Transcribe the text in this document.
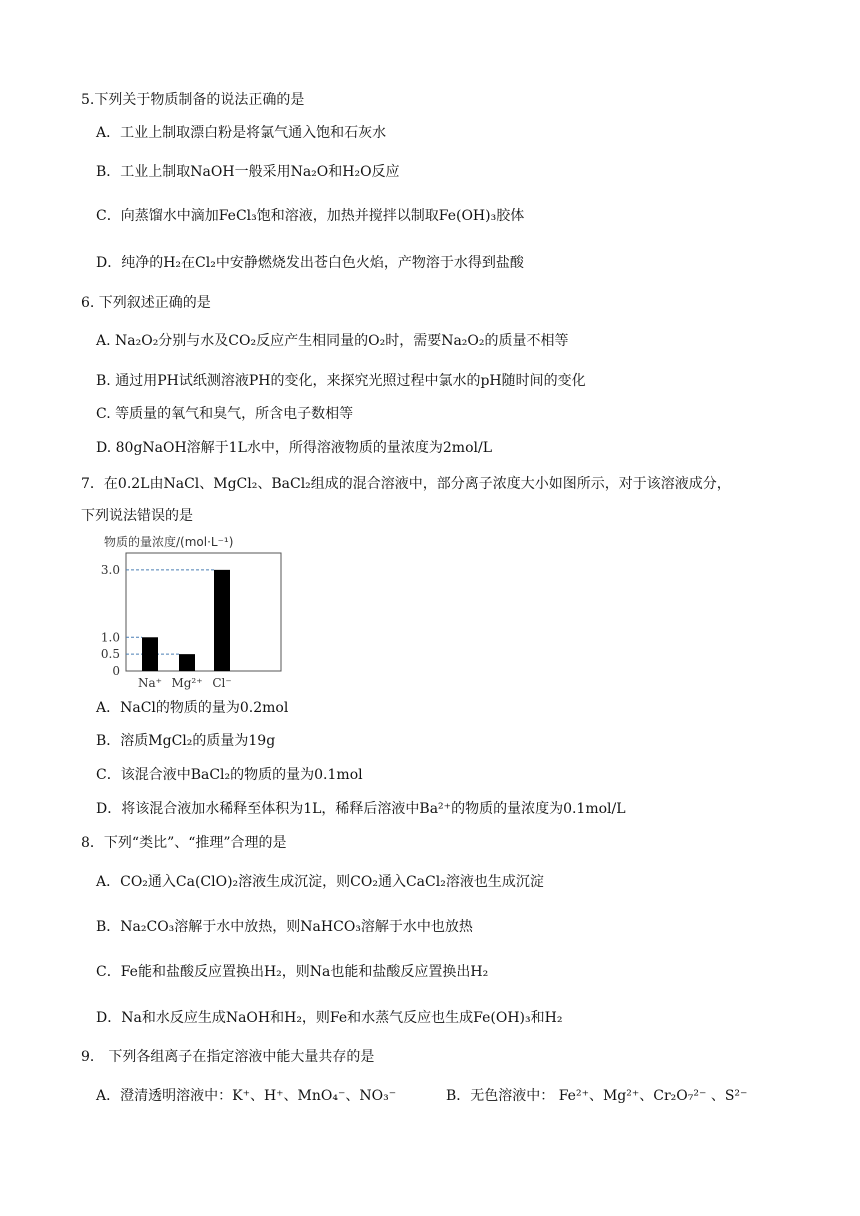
5.下列关于物质制备的说法正确的是
A．工业上制取漂白粉是将氯气通入饱和石灰水
B．工业上制取NaOH一般采用Na₂O和H₂O反应
C．向蒸馏水中滴加FeCl₃饱和溶液，加热并搅拌以制取Fe(OH)₃胶体
D．纯净的H₂在Cl₂中安静燃烧发出苍白色火焰，产物溶于水得到盐酸
6. 下列叙述正确的是
A. Na₂O₂分别与水及CO₂反应产生相同量的O₂时，需要Na₂O₂的质量不相等
B. 通过用PH试纸测溶液PH的变化，来探究光照过程中氯水的pH随时间的变化
C. 等质量的氧气和臭气，所含电子数相等
D. 80gNaOH溶解于1L水中，所得溶液物质的量浓度为2mol/L
7．在0.2L由NaCl、MgCl₂、BaCl₂组成的混合溶液中，部分离子浓度大小如图所示，对于该溶液成分，
下列说法错误的是
物质的量浓度/(mol·L⁻¹)
3.0
1.0
0.5
0
Na⁺ Mg²⁺ Cl⁻
A．NaCl的物质的量为0.2mol
B．溶质MgCl₂的质量为19g
C．该混合液中BaCl₂的物质的量为0.1mol
D．将该混合液加水稀释至体积为1L，稀释后溶液中Ba²⁺的物质的量浓度为0.1mol/L
8．下列“类比”、“推理”合理的是
A．CO₂通入Ca(ClO)₂溶液生成沉淀，则CO₂通入CaCl₂溶液也生成沉淀
B．Na₂CO₃溶解于水中放热，则NaHCO₃溶解于水中也放热
C．Fe能和盐酸反应置换出H₂，则Na也能和盐酸反应置换出H₂
D．Na和水反应生成NaOH和H₂，则Fe和水蒸气反应也生成Fe(OH)₃和H₂
9． 下列各组离子在指定溶液中能大量共存的是
A．澄清透明溶液中：K⁺、H⁺、MnO₄⁻、NO₃⁻	B．无色溶液中： Fe²⁺、Mg²⁺、Cr₂O₇²⁻ 、S²⁻
